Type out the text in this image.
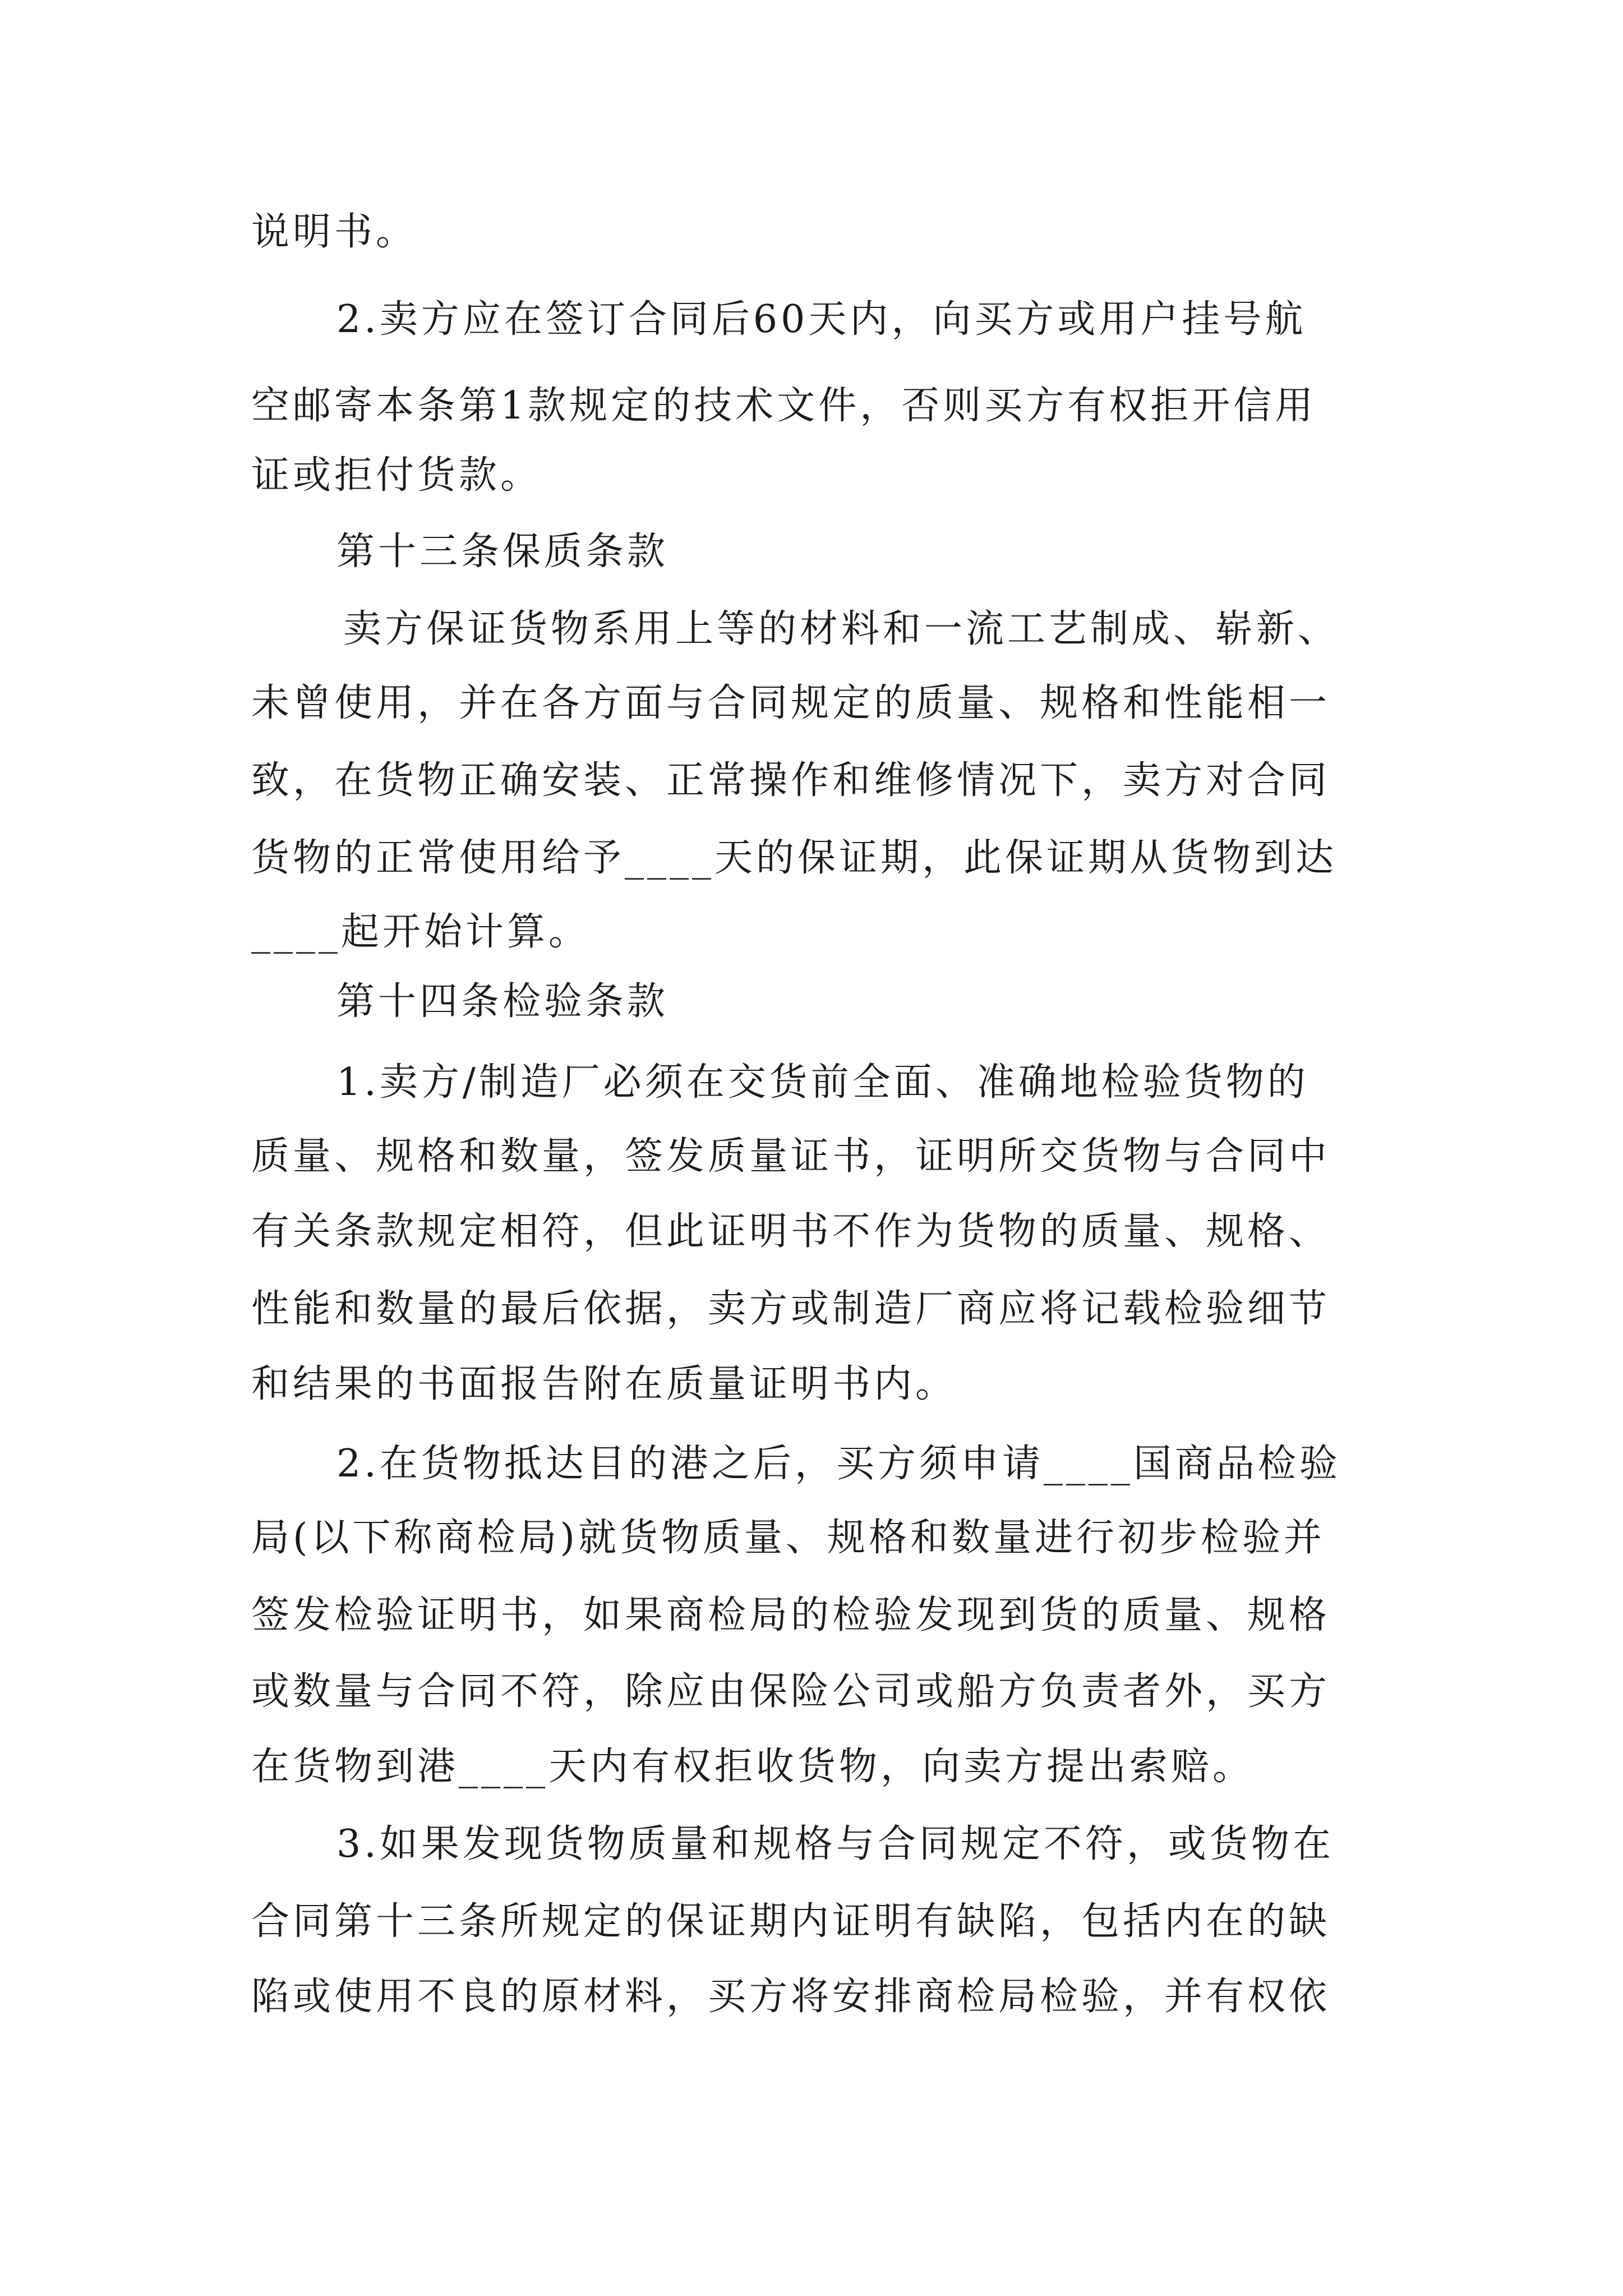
说明书。
2.卖方应在签订合同后60天内，向买方或用户挂号航
空邮寄本条第1款规定的技术文件，否则买方有权拒开信用
证或拒付货款。
第十三条保质条款
卖方保证货物系用上等的材料和一流工艺制成、崭新、
未曾使用，并在各方面与合同规定的质量、规格和性能相一
致，在货物正确安装、正常操作和维修情况下，卖方对合同
货物的正常使用给予____天的保证期，此保证期从货物到达
____起开始计算。
第十四条检验条款
1.卖方/制造厂必须在交货前全面、准确地检验货物的
质量、规格和数量，签发质量证书，证明所交货物与合同中
有关条款规定相符，但此证明书不作为货物的质量、规格、
性能和数量的最后依据，卖方或制造厂商应将记载检验细节
和结果的书面报告附在质量证明书内。
2.在货物抵达目的港之后，买方须申请____国商品检验
局(以下称商检局)就货物质量、规格和数量进行初步检验并
签发检验证明书，如果商检局的检验发现到货的质量、规格
或数量与合同不符，除应由保险公司或船方负责者外，买方
在货物到港____天内有权拒收货物，向卖方提出索赔。
3.如果发现货物质量和规格与合同规定不符，或货物在
合同第十三条所规定的保证期内证明有缺陷，包括内在的缺
陷或使用不良的原材料，买方将安排商检局检验，并有权依
